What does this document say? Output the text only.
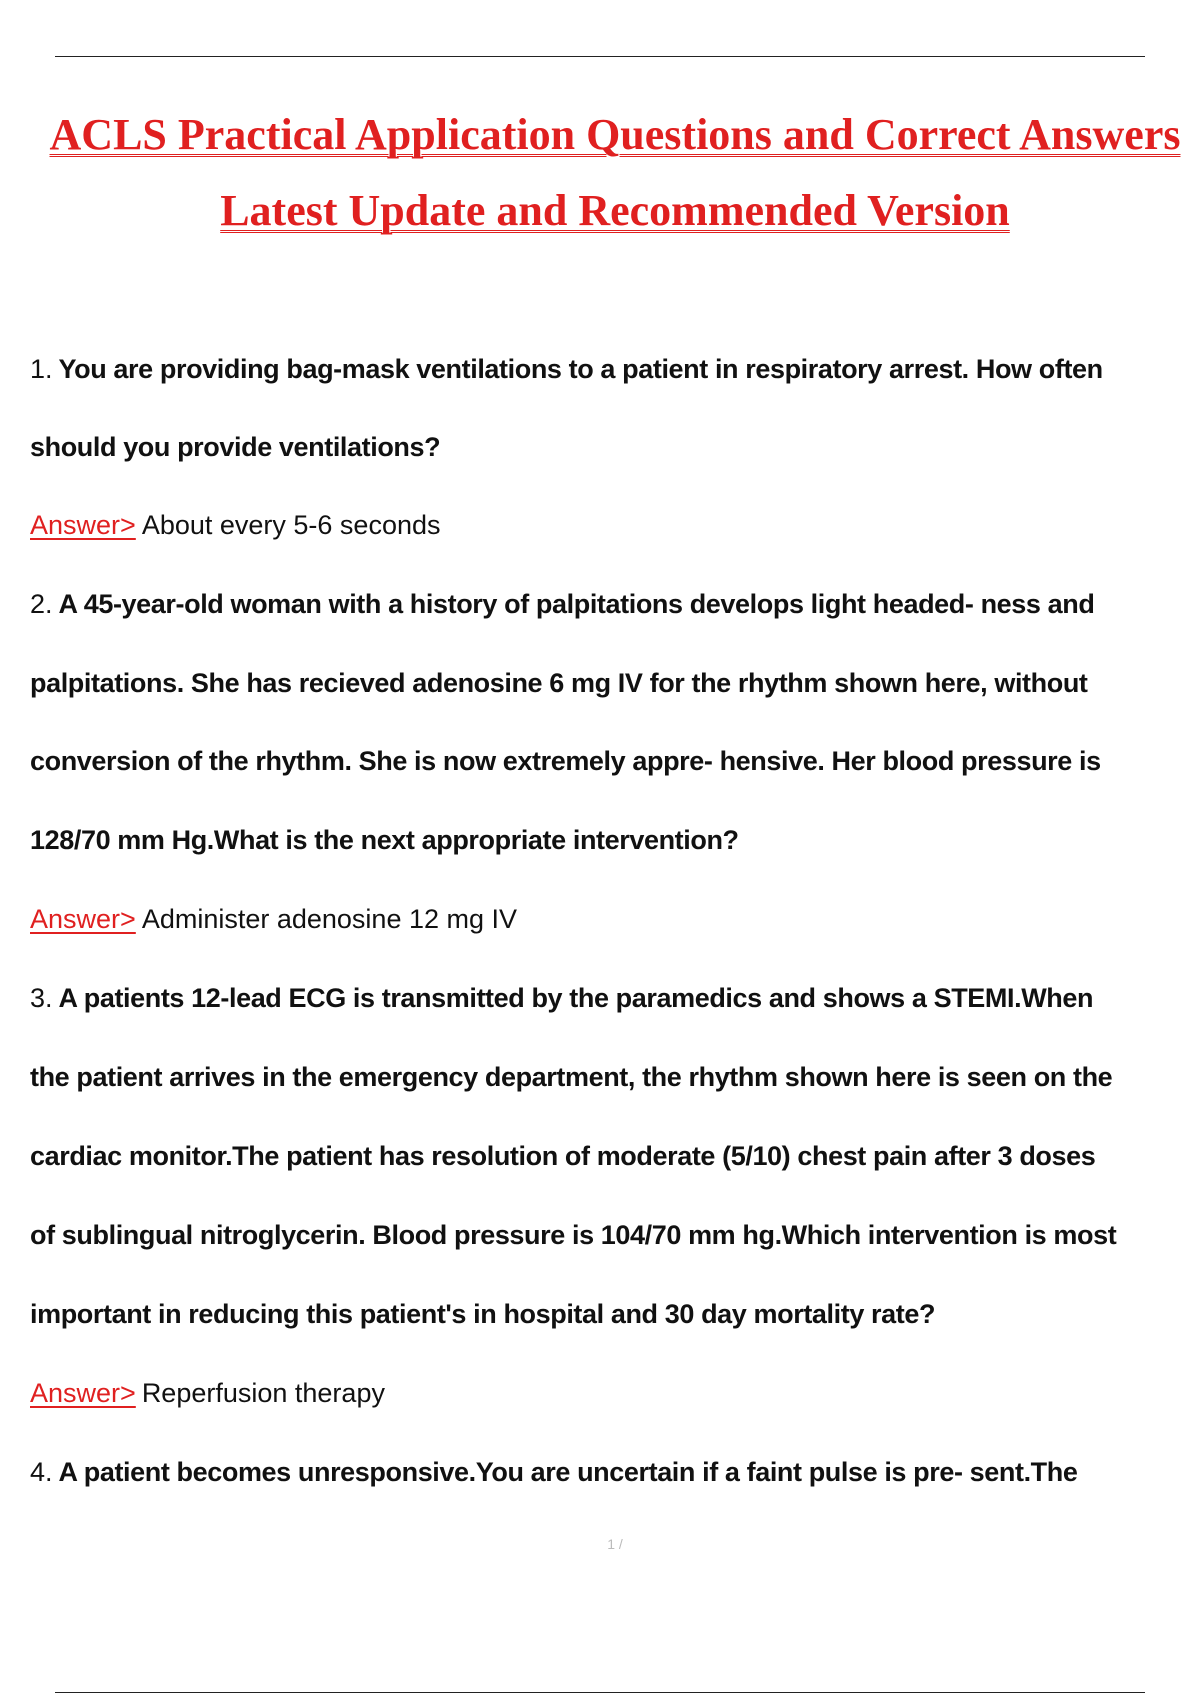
ACLS Practical Application Questions and Correct Answers
Latest Update and Recommended Version
1. You are providing bag-mask ventilations to a patient in respiratory arrest. How often
should you provide ventilations?
Answer> About every 5-6 seconds
2. A 45-year-old woman with a history of palpitations develops light headed- ness and
palpitations. She has recieved adenosine 6 mg IV for the rhythm shown here, without
conversion of the rhythm. She is now extremely appre- hensive. Her blood pressure is
128/70 mm Hg.What is the next appropriate intervention?
Answer> Administer adenosine 12 mg IV
3. A patients 12-lead ECG is transmitted by the paramedics and shows a STEMI.When
the patient arrives in the emergency department, the rhythm shown here is seen on the
cardiac monitor.The patient has resolution of moderate (5/10) chest pain after 3 doses
of sublingual nitroglycerin. Blood pressure is 104/70 mm hg.Which intervention is most
important in reducing this patient's in hospital and 30 day mortality rate?
Answer> Reperfusion therapy
4. A patient becomes unresponsive.You are uncertain if a faint pulse is pre- sent.The
1 /
